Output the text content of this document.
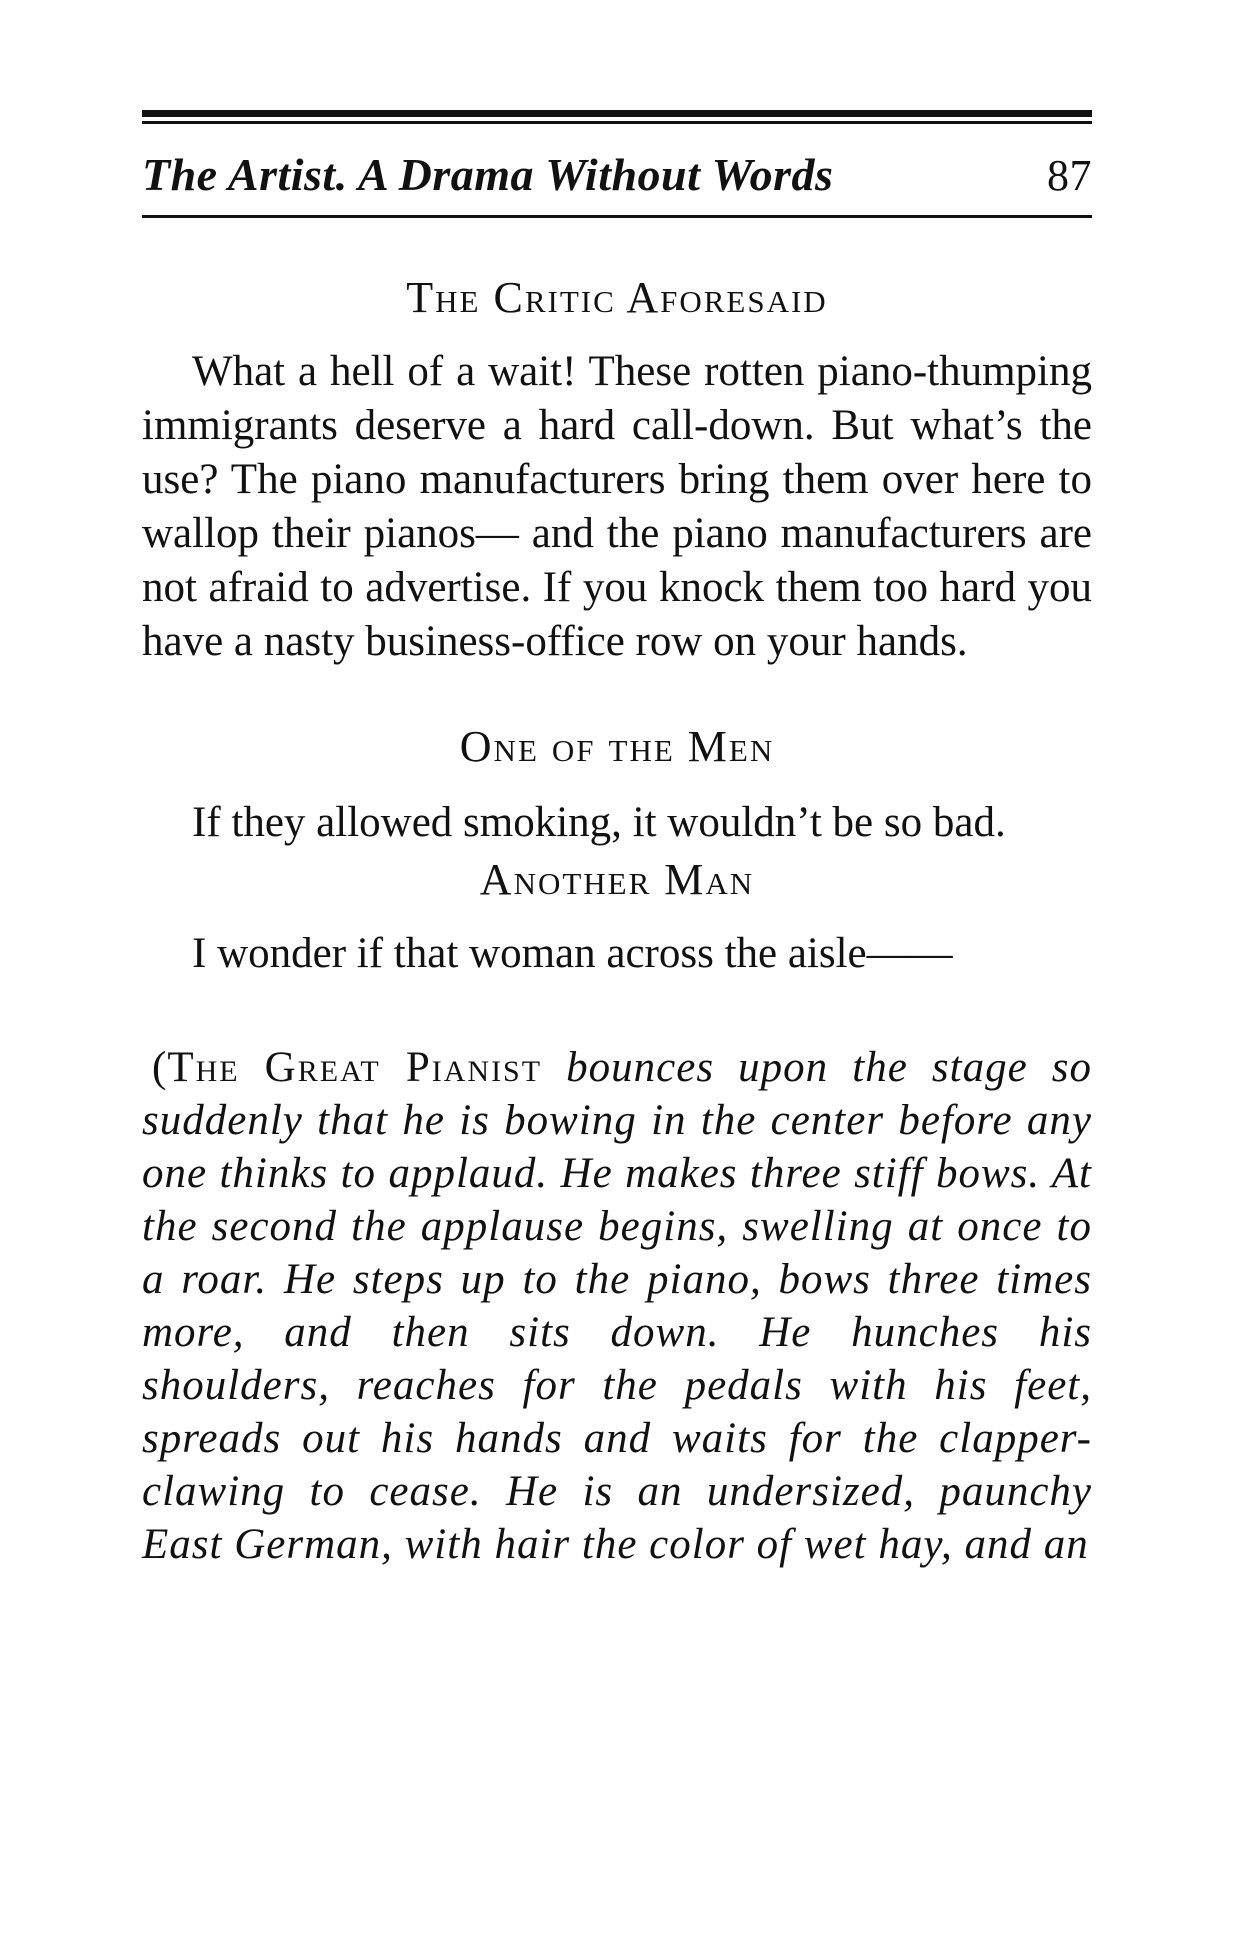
The Artist. A Drama Without Words	87

The Critic Aforesaid

What a hell of a wait! These rotten piano-thumping immigrants deserve a hard call-down. But what’s the use? The piano manufacturers bring them over here to wallop their pianos— and the piano manufacturers are not afraid to advertise. If you knock them too hard you have a nasty business-office row on your hands.

One of the Men

If they allowed smoking, it wouldn’t be so bad.

Another Man

I wonder if that woman across the aisle——

(The Great Pianist bounces upon the stage so suddenly that he is bowing in the center before any one thinks to applaud. He makes three stiff bows. At the second the applause begins, swelling at once to a roar. He steps up to the piano, bows three times more, and then sits down. He hunches his shoulders, reaches for the pedals with his feet, spreads out his hands and waits for the clapper-clawing to cease. He is an undersized, paunchy East German, with hair the color of wet hay, and an
